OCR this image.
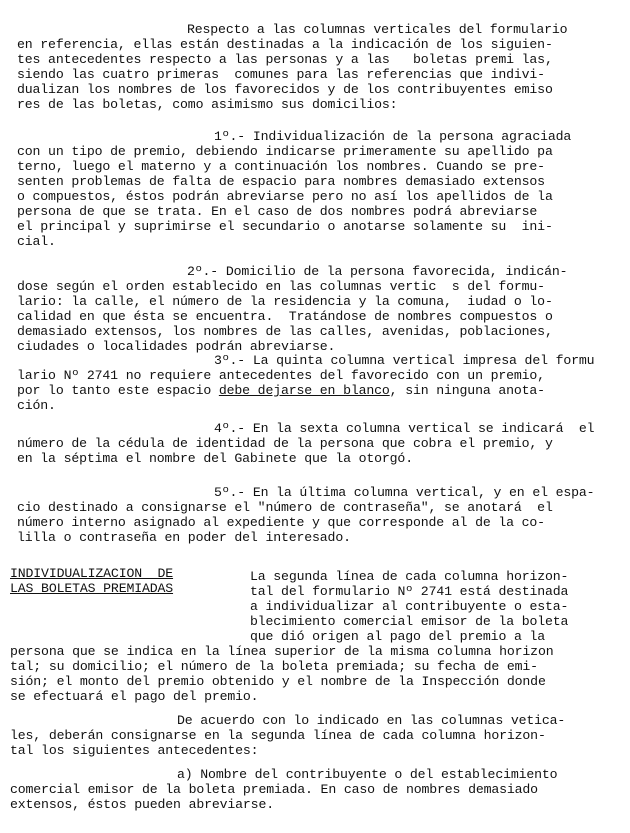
Respecto a las columnas verticales del formulario
en referencia, ellas están destinadas a la indicación de los siguien-
tes antecedentes respecto a las personas y a las   boletas premi las,
siendo las cuatro primeras  comunes para las referencias que indivi-
dualizan los nombres de los favorecidos y de los contribuyentes emiso
res de las boletas, como asimismo sus domicilios:
1º.- Individualización de la persona agraciada
con un tipo de premio, debiendo indicarse primeramente su apellido pa
terno, luego el materno y a continuación los nombres. Cuando se pre-
senten problemas de falta de espacio para nombres demasiado extensos
o compuestos, éstos podrán abreviarse pero no así los apellidos de la
persona de que se trata. En el caso de dos nombres podrá abreviarse
el principal y suprimirse el secundario o anotarse solamente su  ini-
cial.
2º.- Domicilio de la persona favorecida, indicán-
dose según el orden establecido en las columnas vertic  s del formu-
lario: la calle, el número de la residencia y la comuna,  iudad o lo-
calidad en que ésta se encuentra.  Tratándose de nombres compuestos o
demasiado extensos, los nombres de las calles, avenidas, poblaciones,
ciudades o localidades podrán abreviarse.
3º.- La quinta columna vertical impresa del formu
lario Nº 2741 no requiere antecedentes del favorecido con un premio,
por lo tanto este espacio debe dejarse en blanco, sin ninguna anota-
ción.
4º.- En la sexta columna vertical se indicará  el
número de la cédula de identidad de la persona que cobra el premio, y
en la séptima el nombre del Gabinete que la otorgó.
5º.- En la última columna vertical, y en el espa-
cio destinado a consignarse el "número de contraseña", se anotará  el
número interno asignado al expediente y que corresponde al de la co-
lilla o contraseña en poder del interesado.
INDIVIDUALIZACION  DE
LAS BOLETAS PREMIADAS
La segunda línea de cada columna horizon-
tal del formulario Nº 2741 está destinada
a individualizar al contribuyente o esta-
blecimiento comercial emisor de la boleta
que dió origen al pago del premio a la
persona que se indica en la línea superior de la misma columna horizon
tal; su domicilio; el número de la boleta premiada; su fecha de emi-
sión; el monto del premio obtenido y el nombre de la Inspección donde
se efectuará el pago del premio.
De acuerdo con lo indicado en las columnas vetica-
les, deberán consignarse en la segunda línea de cada columna horizon-
tal los siguientes antecedentes:
a) Nombre del contribuyente o del establecimiento
comercial emisor de la boleta premiada. En caso de nombres demasiado
extensos, éstos pueden abreviarse.
